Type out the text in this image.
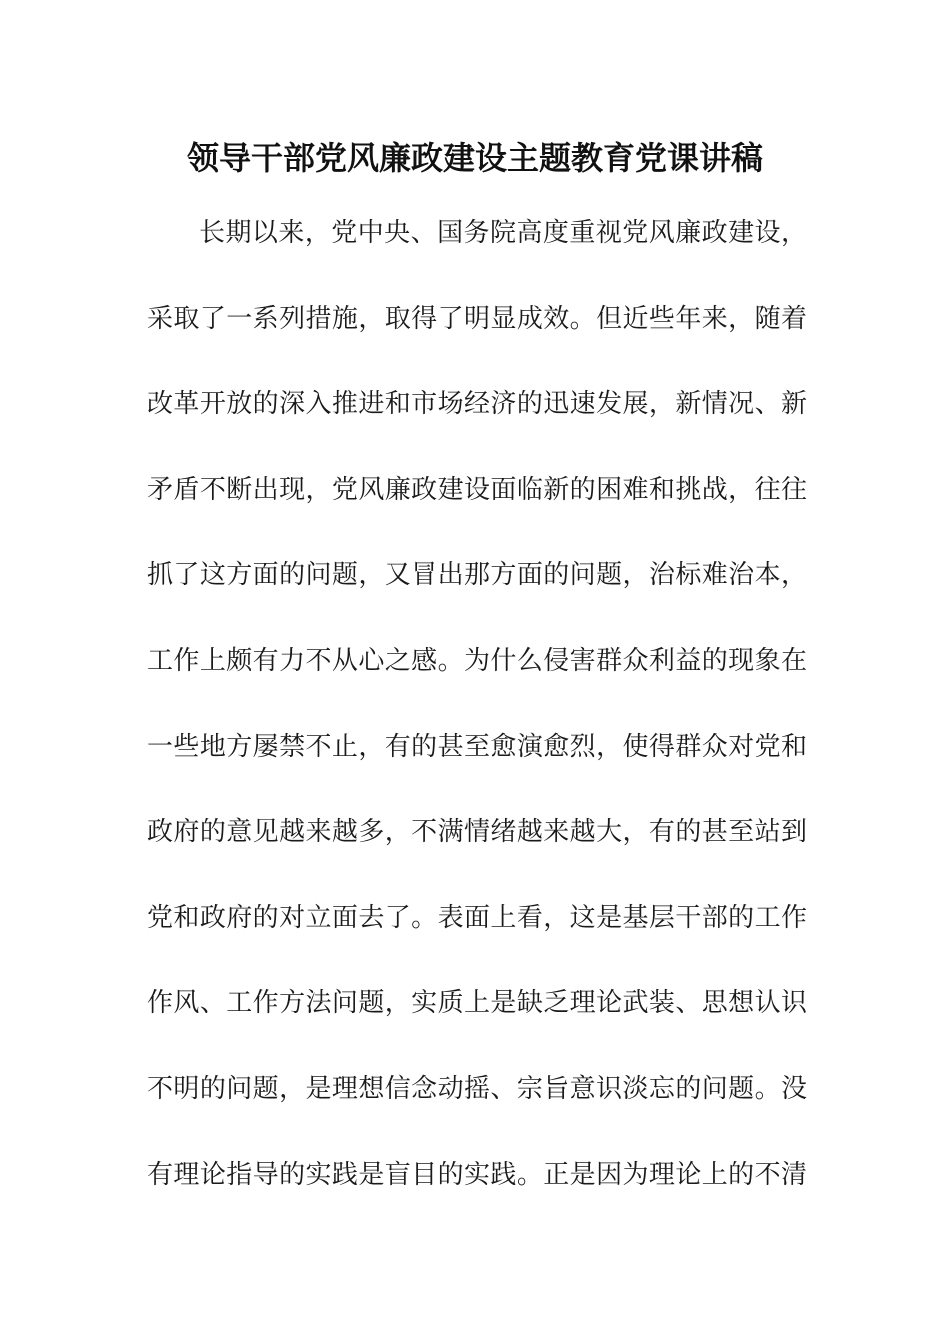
领导干部党风廉政建设主题教育党课讲稿
长期以来，党中央、国务院高度重视党风廉政建设，
采取了一系列措施，取得了明显成效。但近些年来，随着
改革开放的深入推进和市场经济的迅速发展，新情况、新
矛盾不断出现，党风廉政建设面临新的困难和挑战，往往
抓了这方面的问题，又冒出那方面的问题，治标难治本，
工作上颇有力不从心之感。为什么侵害群众利益的现象在
一些地方屡禁不止，有的甚至愈演愈烈，使得群众对党和
政府的意见越来越多，不满情绪越来越大，有的甚至站到
党和政府的对立面去了。表面上看，这是基层干部的工作
作风、工作方法问题，实质上是缺乏理论武装、思想认识
不明的问题，是理想信念动摇、宗旨意识淡忘的问题。没
有理论指导的实践是盲目的实践。正是因为理论上的不清
